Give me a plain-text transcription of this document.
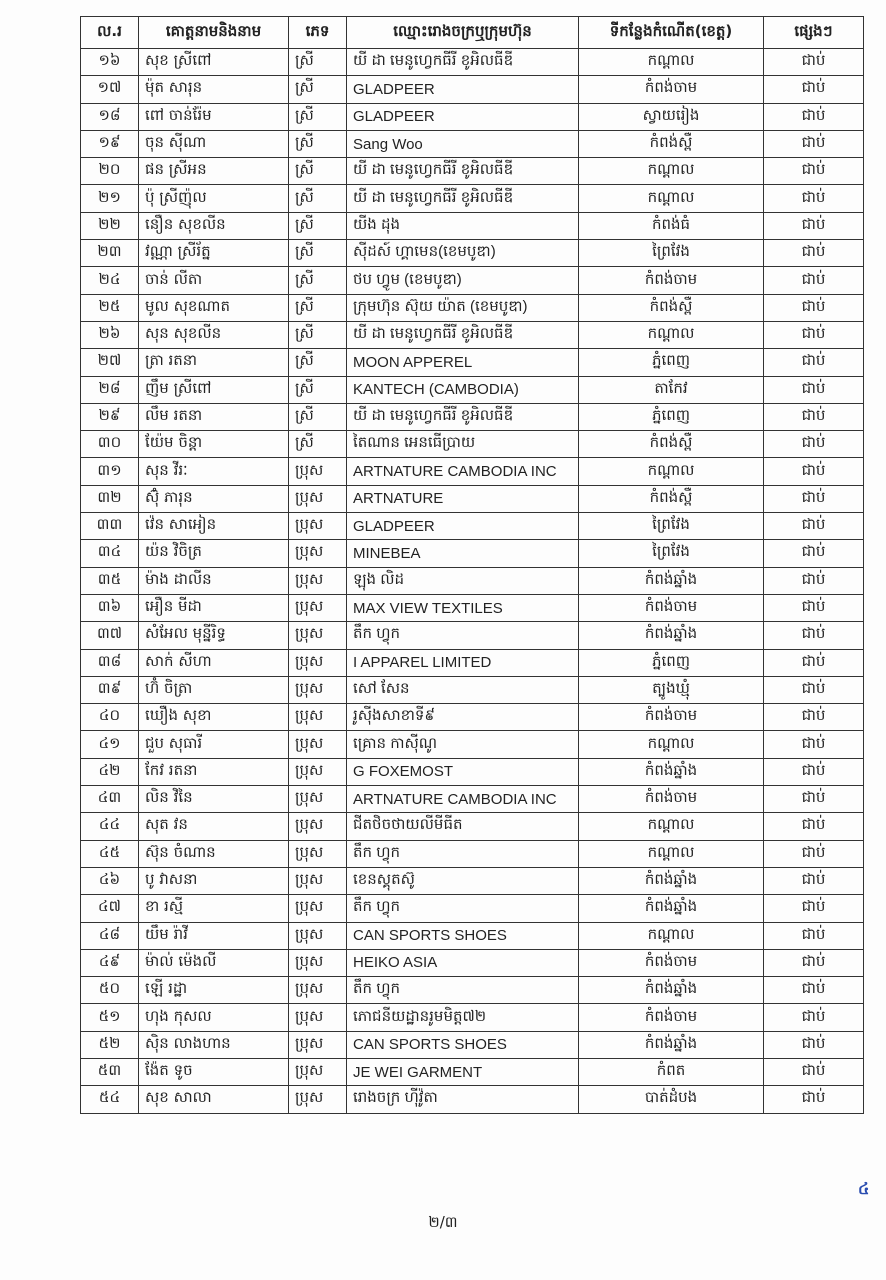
ល.រ	គោត្តនាមនិងនាម	ភេទ	ឈ្មោះរោងចក្រឬក្រុមហ៊ុន	ទីកន្លែងកំណើត(ខេត្ត)	ផ្សេងៗ
១៦	សុខ ស្រីពៅ	ស្រី	យី ដា មេនូហ្វេកធីរី ខូអិលធីឌី	កណ្ដាល	ជាប់
១៧	ម៉ុត សារុន	ស្រី	GLADPEER	កំពង់ចាម	ជាប់
១៨	ពៅ ចាន់រ៉ែម	ស្រី	GLADPEER	ស្វាយរៀង	ជាប់
១៩	ចុន ស៊ីណា	ស្រី	Sang Woo	កំពង់ស្ពឺ	ជាប់
២០	ផន ស្រីអន	ស្រី	យី ដា មេនូហ្វេកធីរី ខូអិលធីឌី	កណ្ដាល	ជាប់
២១	ប៉ុ ស្រីញ៉ុល	ស្រី	យី ដា មេនូហ្វេកធីរី ខូអិលធីឌី	កណ្ដាល	ជាប់
២២	នឿន សុខលីន	ស្រី	យីង ដុង	កំពង់ធំ	ជាប់
២៣	វណ្ណា ស្រីរ័ត្ន	ស្រី	ស៊ីដស៍ ហ្គាមេន(ខេមបូឌា)	ព្រៃវែង	ជាប់
២៤	ចាន់ លីតា	ស្រី	ថប ហ្វូម (ខេមបូឌា)	កំពង់ចាម	ជាប់
២៥	មូល សុខណាត	ស្រី	ក្រុមហ៊ុន ស៊ុយ យ៉ាត (ខេមបូឌា)	កំពង់ស្ពឺ	ជាប់
២៦	សុន សុខលីន	ស្រី	យី ដា មេនូហ្វេកធីរី ខូអិលធីឌី	កណ្ដាល	ជាប់
២៧	ត្រា រតនា	ស្រី	MOON APPEREL	ភ្នំពេញ	ជាប់
២៨	ញឹម ស្រីពៅ	ស្រី	KANTECH (CAMBODIA)	តាកែវ	ជាប់
២៩	លឹម រតនា	ស្រី	យី ដា មេនូហ្វេកធីរី ខូអិលធីឌី	ភ្នំពេញ	ជាប់
៣០	យ៉ែម ចិន្តា	ស្រី	តៃណាន អេនធើប្រាយ	កំពង់ស្ពឺ	ជាប់
៣១	សុន វីរៈ	ប្រុស	ARTNATURE CAMBODIA INC	កណ្ដាល	ជាប់
៣២	ស៊ុំ ភារុន	ប្រុស	ARTNATURE	កំពង់ស្ពឺ	ជាប់
៣៣	វ៉េន សាអៀន	ប្រុស	GLADPEER	ព្រៃវែង	ជាប់
៣៤	យ៉ន វិចិត្រ	ប្រុស	MINEBEA	ព្រៃវែង	ជាប់
៣៥	ម៉ាង ដាលីន	ប្រុស	ឡុង លិដ	កំពង់ឆ្នាំង	ជាប់
៣៦	អឿន មីដា	ប្រុស	MAX VIEW TEXTILES	កំពង់ចាម	ជាប់
៣៧	សំអែល មុន្នីរិទ្ធ	ប្រុស	តឹក ហ្វុក	កំពង់ឆ្នាំង	ជាប់
៣៨	សាក់ សីហា	ប្រុស	I APPAREL LIMITED	ភ្នំពេញ	ជាប់
៣៩	ហ៊ំ ចិត្រា	ប្រុស	សៅ សែន	ត្បូងឃ្មុំ	ជាប់
៤០	ឃឿង សុខា	ប្រុស	រូស៊ីងសាខាទី៩	កំពង់ចាម	ជាប់
៤១	ជួប សុធារី	ប្រុស	គ្រោន កាស៊ីណូ	កណ្ដាល	ជាប់
៤២	កែវ រតនា	ប្រុស	G FOXEMOST	កំពង់ឆ្នាំង	ជាប់
៤៣	លិន វិនៃ	ប្រុស	ARTNATURE CAMBODIA INC	កំពង់ចាម	ជាប់
៤៤	សុត វន	ប្រុស	ជីតថិចថាយលីមីធីត	កណ្ដាល	ជាប់
៤៥	ស៊ុន ចំណាន	ប្រុស	តឹក ហ្វុក	កណ្ដាល	ជាប់
៤៦	បូ វាសនា	ប្រុស	ខេនស្គុតស៊ូ	កំពង់ឆ្នាំង	ជាប់
៤៧	ខា រស្មី	ប្រុស	តឹក ហ្វុក	កំពង់ឆ្នាំង	ជាប់
៤៨	យឹម រ៉ាវី	ប្រុស	CAN SPORTS SHOES	កណ្ដាល	ជាប់
៤៩	ម៉ាល់ ម៉េងលី	ប្រុស	HEIKO ASIA	កំពង់ចាម	ជាប់
៥០	ឡើ រដ្ឋា	ប្រុស	តឹក ហ្វុក	កំពង់ឆ្នាំង	ជាប់
៥១	ហុង កុសល	ប្រុស	ភោជនីយដ្ឋានរូមមិត្ត៧២	កំពង់ចាម	ជាប់
៥២	ស៊ិន លាងហាន	ប្រុស	CAN SPORTS SHOES	កំពង់ឆ្នាំង	ជាប់
៥៣	ង៉ែត ទូច	ប្រុស	JE WEI GARMENT	កំពត	ជាប់
៥៤	សុខ សាលា	ប្រុស	រោងចក្រ ហ៊ីវ៉ូតា	បាត់ដំបង	ជាប់
២/៣
៤
